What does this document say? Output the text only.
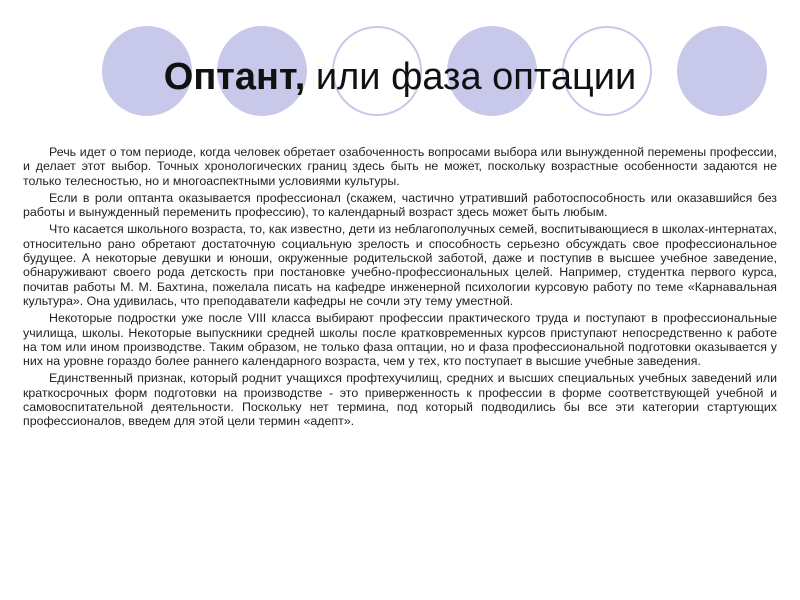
Оптант, или фаза оптации

Речь идет о том периоде, когда человек обретает озабоченность вопросами выбора или вынужденной перемены профессии, и делает этот выбор. Точных хронологических границ здесь быть не может, поскольку возрастные особенности задаются не только телесностью, но и многоаспектными условиями культуры.

Если в роли оптанта оказывается профессионал (скажем, частично утративший работоспособность или оказавшийся без работы и вынужденный переменить профессию), то календарный возраст здесь может быть любым.

Что касается школьного возраста, то, как известно, дети из неблагополучных семей, воспитывающиеся в школах-интернатах, относительно рано обретают достаточную социальную зрелость и способность серьезно обсуждать свое профессиональное будущее. А некоторые девушки и юноши, окруженные родительской заботой, даже и поступив в высшее учебное заведение, обнаруживают своего рода детскость при постановке учебно-профессиональных целей. Например, студентка первого курса, почитав работы М. М. Бахтина, пожелала писать на кафедре инженерной психологии курсовую работу по теме «Карнавальная культура». Она удивилась, что преподаватели кафедры не сочли эту тему уместной.

Некоторые подростки уже после VIII класса выбирают профессии практического труда и поступают в профессиональные училища, школы. Некоторые выпускники средней школы после кратковременных курсов приступают непосредственно к работе на том или ином производстве. Таким образом, не только фаза оптации, но и фаза профессиональной подготовки оказывается у них на уровне гораздо более раннего календарного возраста, чем у тех, кто поступает в высшие учебные заведения.

Единственный признак, который роднит учащихся профтехучилищ, средних и высших специальных учебных заведений или краткосрочных форм подготовки на производстве - это приверженность к профессии в форме соответствующей учебной и самовоспитательной деятельности. Поскольку нет термина, под который подводились бы все эти категории стартующих профессионалов, введем для этой цели термин «адепт».
